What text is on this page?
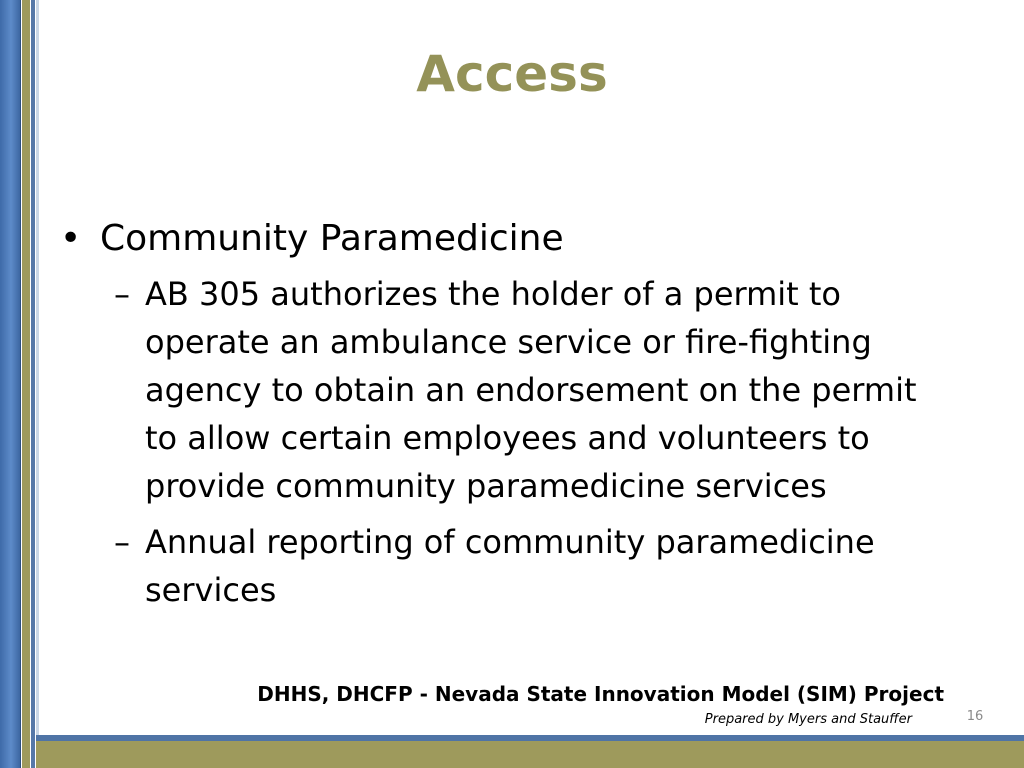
Access
• Community Paramedicine
– AB 305 authorizes the holder of a permit to operate an ambulance service or fire-fighting agency to obtain an endorsement on the permit to allow certain employees and volunteers to provide community paramedicine services
– Annual reporting of community paramedicine services
DHHS, DHCFP - Nevada State Innovation Model (SIM) Project
Prepared by Myers and Stauffer	16
